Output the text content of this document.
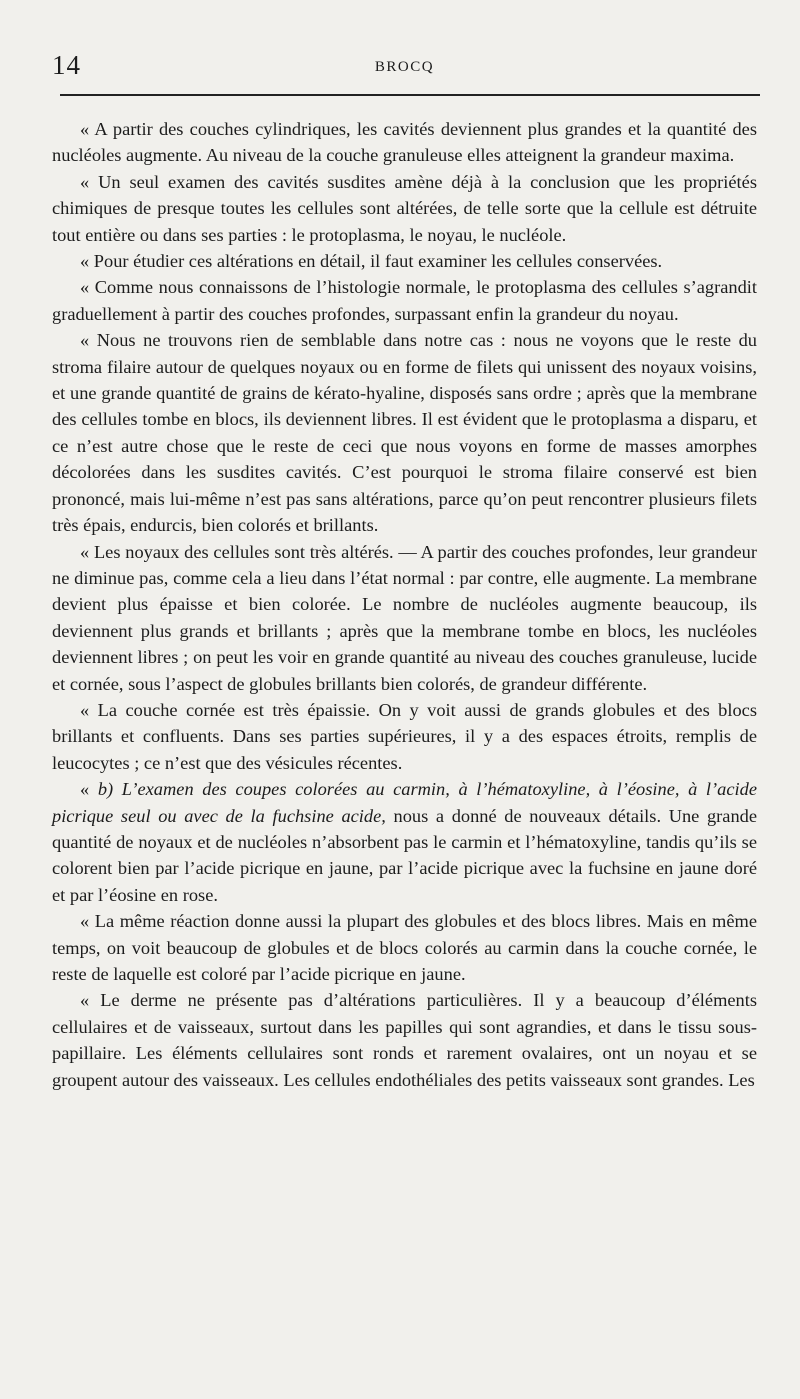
14	BROCQ

« A partir des couches cylindriques, les cavités deviennent plus grandes et la quantité des nucléoles augmente. Au niveau de la couche granuleuse elles atteignent la grandeur maxima.

« Un seul examen des cavités susdites amène déjà à la conclusion que les propriétés chimiques de presque toutes les cellules sont altérées, de telle sorte que la cellule est détruite tout entière ou dans ses parties : le protoplasma, le noyau, le nucléole.

« Pour étudier ces altérations en détail, il faut examiner les cellules conservées.

« Comme nous connaissons de l’histologie normale, le protoplasma des cellules s’agrandit graduellement à partir des couches profondes, surpassant enfin la grandeur du noyau.

« Nous ne trouvons rien de semblable dans notre cas : nous ne voyons que le reste du stroma filaire autour de quelques noyaux ou en forme de filets qui unissent des noyaux voisins, et une grande quantité de grains de kérato-hyaline, disposés sans ordre ; après que la membrane des cellules tombe en blocs, ils deviennent libres. Il est évident que le protoplasma a disparu, et ce n’est autre chose que le reste de ceci que nous voyons en forme de masses amorphes décolorées dans les susdites cavités. C’est pourquoi le stroma filaire conservé est bien prononcé, mais lui-même n’est pas sans altérations, parce qu’on peut rencontrer plusieurs filets très épais, endurcis, bien colorés et brillants.

« Les noyaux des cellules sont très altérés. — A partir des couches profondes, leur grandeur ne diminue pas, comme cela a lieu dans l’état normal : par contre, elle augmente. La membrane devient plus épaisse et bien colorée. Le nombre de nucléoles augmente beaucoup, ils deviennent plus grands et brillants ; après que la membrane tombe en blocs, les nucléoles deviennent libres ; on peut les voir en grande quantité au niveau des couches granuleuse, lucide et cornée, sous l’aspect de globules brillants bien colorés, de grandeur différente.

« La couche cornée est très épaissie. On y voit aussi de grands globules et des blocs brillants et confluents. Dans ses parties supérieures, il y a des espaces étroits, remplis de leucocytes ; ce n’est que des vésicules récentes.

« b) L’examen des coupes colorées au carmin, à l’hématoxyline, à l’éosine, à l’acide picrique seul ou avec de la fuchsine acide, nous a donné de nouveaux détails. Une grande quantité de noyaux et de nucléoles n’absorbent pas le carmin et l’hématoxyline, tandis qu’ils se colorent bien par l’acide picrique en jaune, par l’acide picrique avec la fuchsine en jaune doré et par l’éosine en rose.

« La même réaction donne aussi la plupart des globules et des blocs libres. Mais en même temps, on voit beaucoup de globules et de blocs colorés au carmin dans la couche cornée, le reste de laquelle est coloré par l’acide picrique en jaune.

« Le derme ne présente pas d’altérations particulières. Il y a beaucoup d’éléments cellulaires et de vaisseaux, surtout dans les papilles qui sont agrandies, et dans le tissu sous-papillaire. Les éléments cellulaires sont ronds et rarement ovalaires, ont un noyau et se groupent autour des vaisseaux. Les cellules endothéliales des petits vaisseaux sont grandes. Les
